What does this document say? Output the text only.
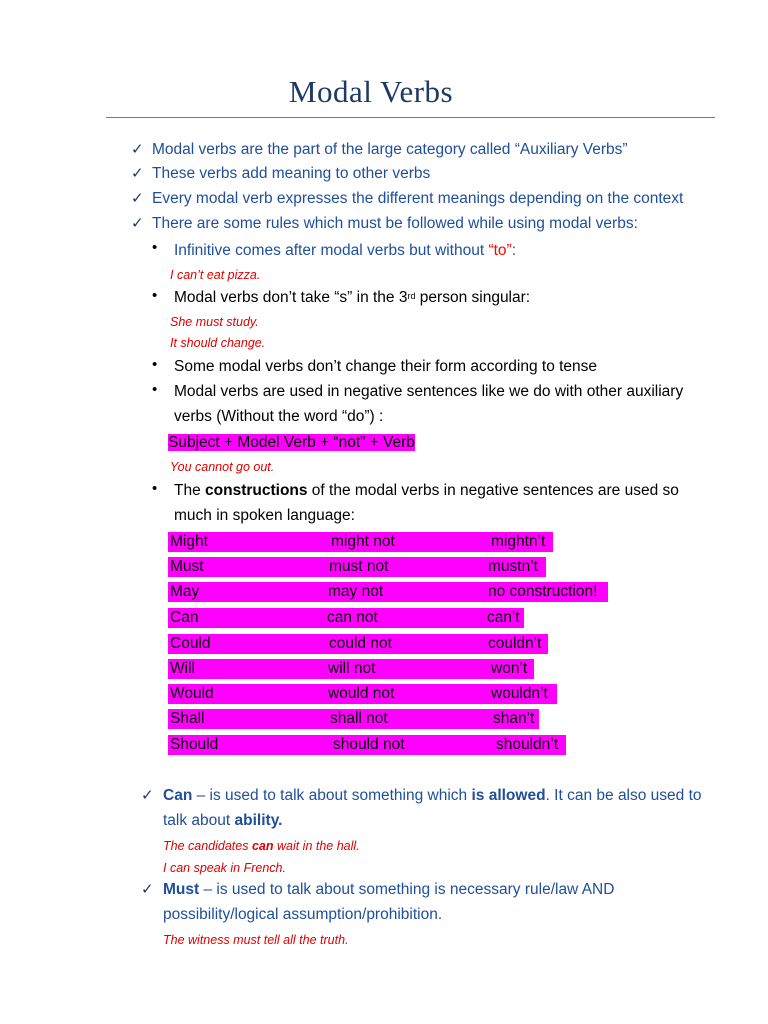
Modal Verbs
✓ Modal verbs are the part of the large category called “Auxiliary Verbs”
✓ These verbs add meaning to other verbs
✓ Every modal verb expresses the different meanings depending on the context
✓ There are some rules which must be followed while using modal verbs:
• Infinitive comes after modal verbs but without “to”:
I can’t eat pizza.
• Modal verbs don’t take “s” in the 3rd person singular:
She must study.
It should change.
• Some modal verbs don’t change their form according to tense
• Modal verbs are used in negative sentences like we do with other auxiliary
verbs (Without the word “do”) :
Subject + Model Verb + “not” + Verb
You cannot go out.
• The constructions of the modal verbs in negative sentences are used so
much in spoken language:
Might	might not	mightn’t
Must	must not	mustn’t
May	may not	no construction!
Can	can not	can’t
Could	could not	couldn’t
Will	will not	won’t
Would	would not	wouldn’t
Shall	shall not	shan’t
Should	should not	shouldn’t
✓ Can – is used to talk about something which is allowed. It can be also used to
talk about ability.
The candidates can wait in the hall.
I can speak in French.
✓ Must – is used to talk about something is necessary rule/law AND
possibility/logical assumption/prohibition.
The witness must tell all the truth.
